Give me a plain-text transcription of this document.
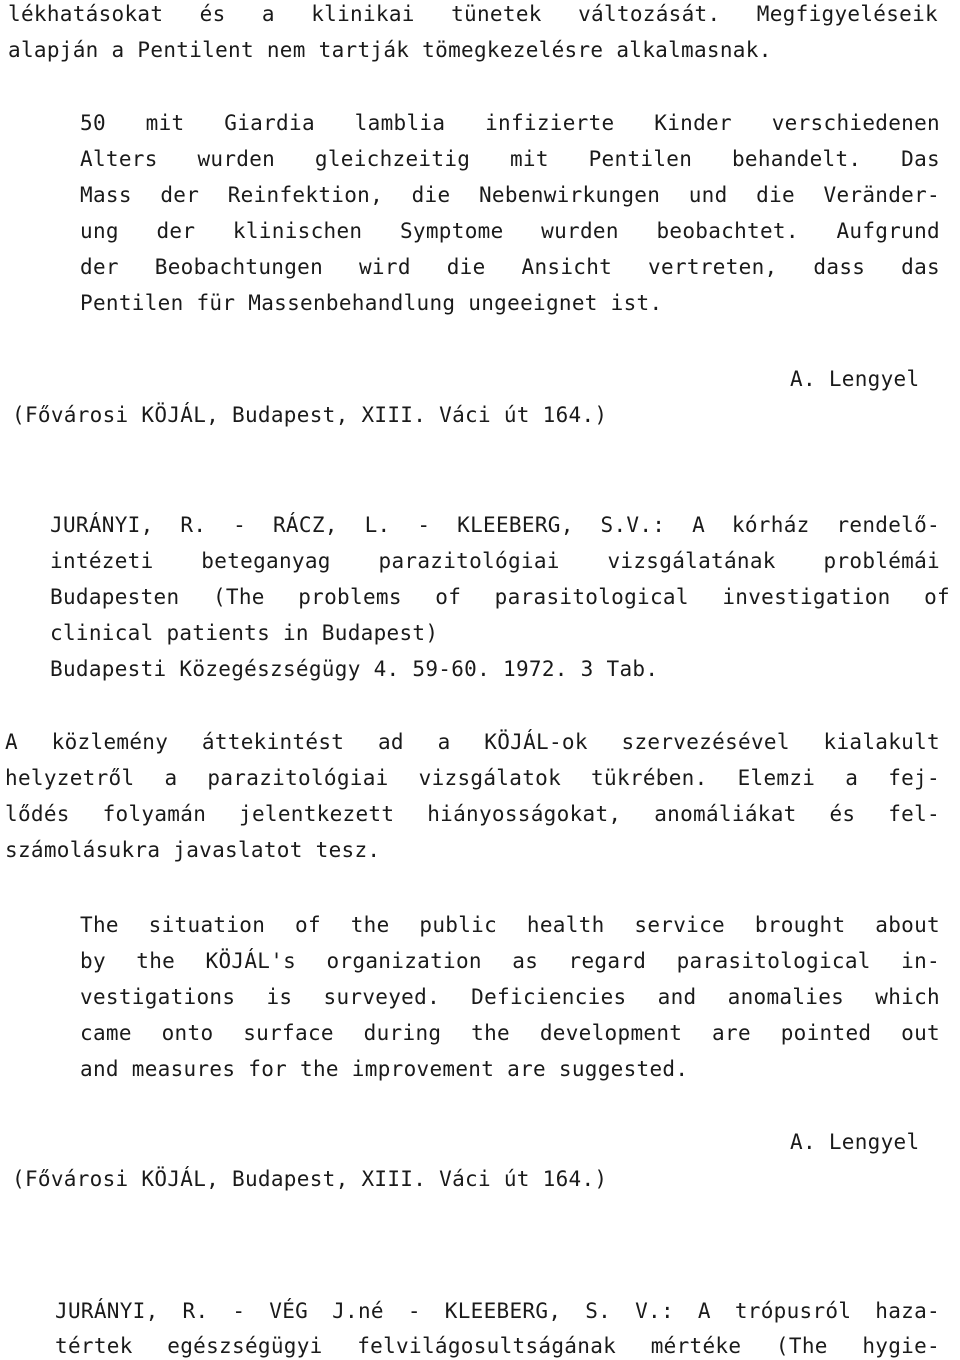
lékhatásokat és a klinikai tünetek változását. Megfigyeléseik
alapján a Pentilent nem tartják tömegkezelésre alkalmasnak.
50 mit Giardia lamblia infizierte Kinder verschiedenen
Alters wurden gleichzeitig mit Pentilen behandelt. Das
Mass der Reinfektion, die Nebenwirkungen und die Veränder-
ung der klinischen Symptome wurden beobachtet. Aufgrund
der Beobachtungen wird die Ansicht vertreten, dass das
Pentilen für Massenbehandlung ungeeignet ist.
A. Lengyel
(Fővárosi KÖJÁL, Budapest, XIII. Váci út 164.)
JURÁNYI, R. - RÁCZ, L. - KLEEBERG, S.V.: A kórház rendelő-
intézeti beteganyag parazitológiai vizsgálatának problémái
Budapesten (The problems of parasitological investigation of
clinical patients in Budapest)
Budapesti Közegészségügy 4. 59-60. 1972. 3 Tab.
A közlemény áttekintést ad a KÖJÁL-ok szervezésével kialakult
helyzetről a parazitológiai vizsgálatok tükrében. Elemzi a fej-
lődés folyamán jelentkezett hiányosságokat, anomáliákat és fel-
számolásukra javaslatot tesz.
The situation of the public health service brought about
by the KÖJÁL's organization as regard parasitological in-
vestigations is surveyed. Deficiencies and anomalies which
came onto surface during the development are pointed out
and measures for the improvement are suggested.
A. Lengyel
(Fővárosi KÖJÁL, Budapest, XIII. Váci út 164.)
JURÁNYI, R. - VÉG J.né - KLEEBERG, S. V.: A trópusról haza-
tértek egészségügyi felvilágosultságának mértéke (The hygie-
